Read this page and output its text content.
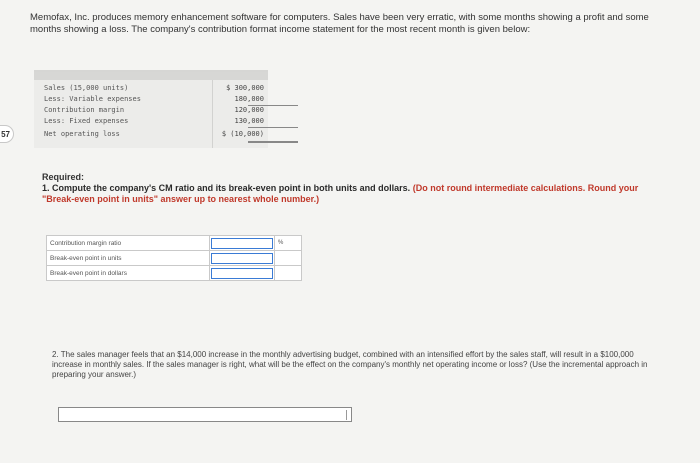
57
Memofax, Inc. produces memory enhancement software for computers. Sales have been very erratic, with some months showing a profit and some months showing a loss. The company's contribution format income statement for the most recent month is given below:
Sales (15,000 units)	$ 300,000
Less: Variable expenses	180,000
Contribution margin	120,000
Less: Fixed expenses	130,000
Net operating loss	$ (10,000)
Required:
1. Compute the company's CM ratio and its break-even point in both units and dollars. (Do not round intermediate calculations. Round your "Break-even point in units" answer up to nearest whole number.)
Contribution margin ratio		%
Break-even point in units		
Break-even point in dollars		
2. The sales manager feels that an $14,000 increase in the monthly advertising budget, combined with an intensified effort by the sales staff, will result in a $100,000 increase in monthly sales. If the sales manager is right, what will be the effect on the company's monthly net operating income or loss? (Use the incremental approach in preparing your answer.)
